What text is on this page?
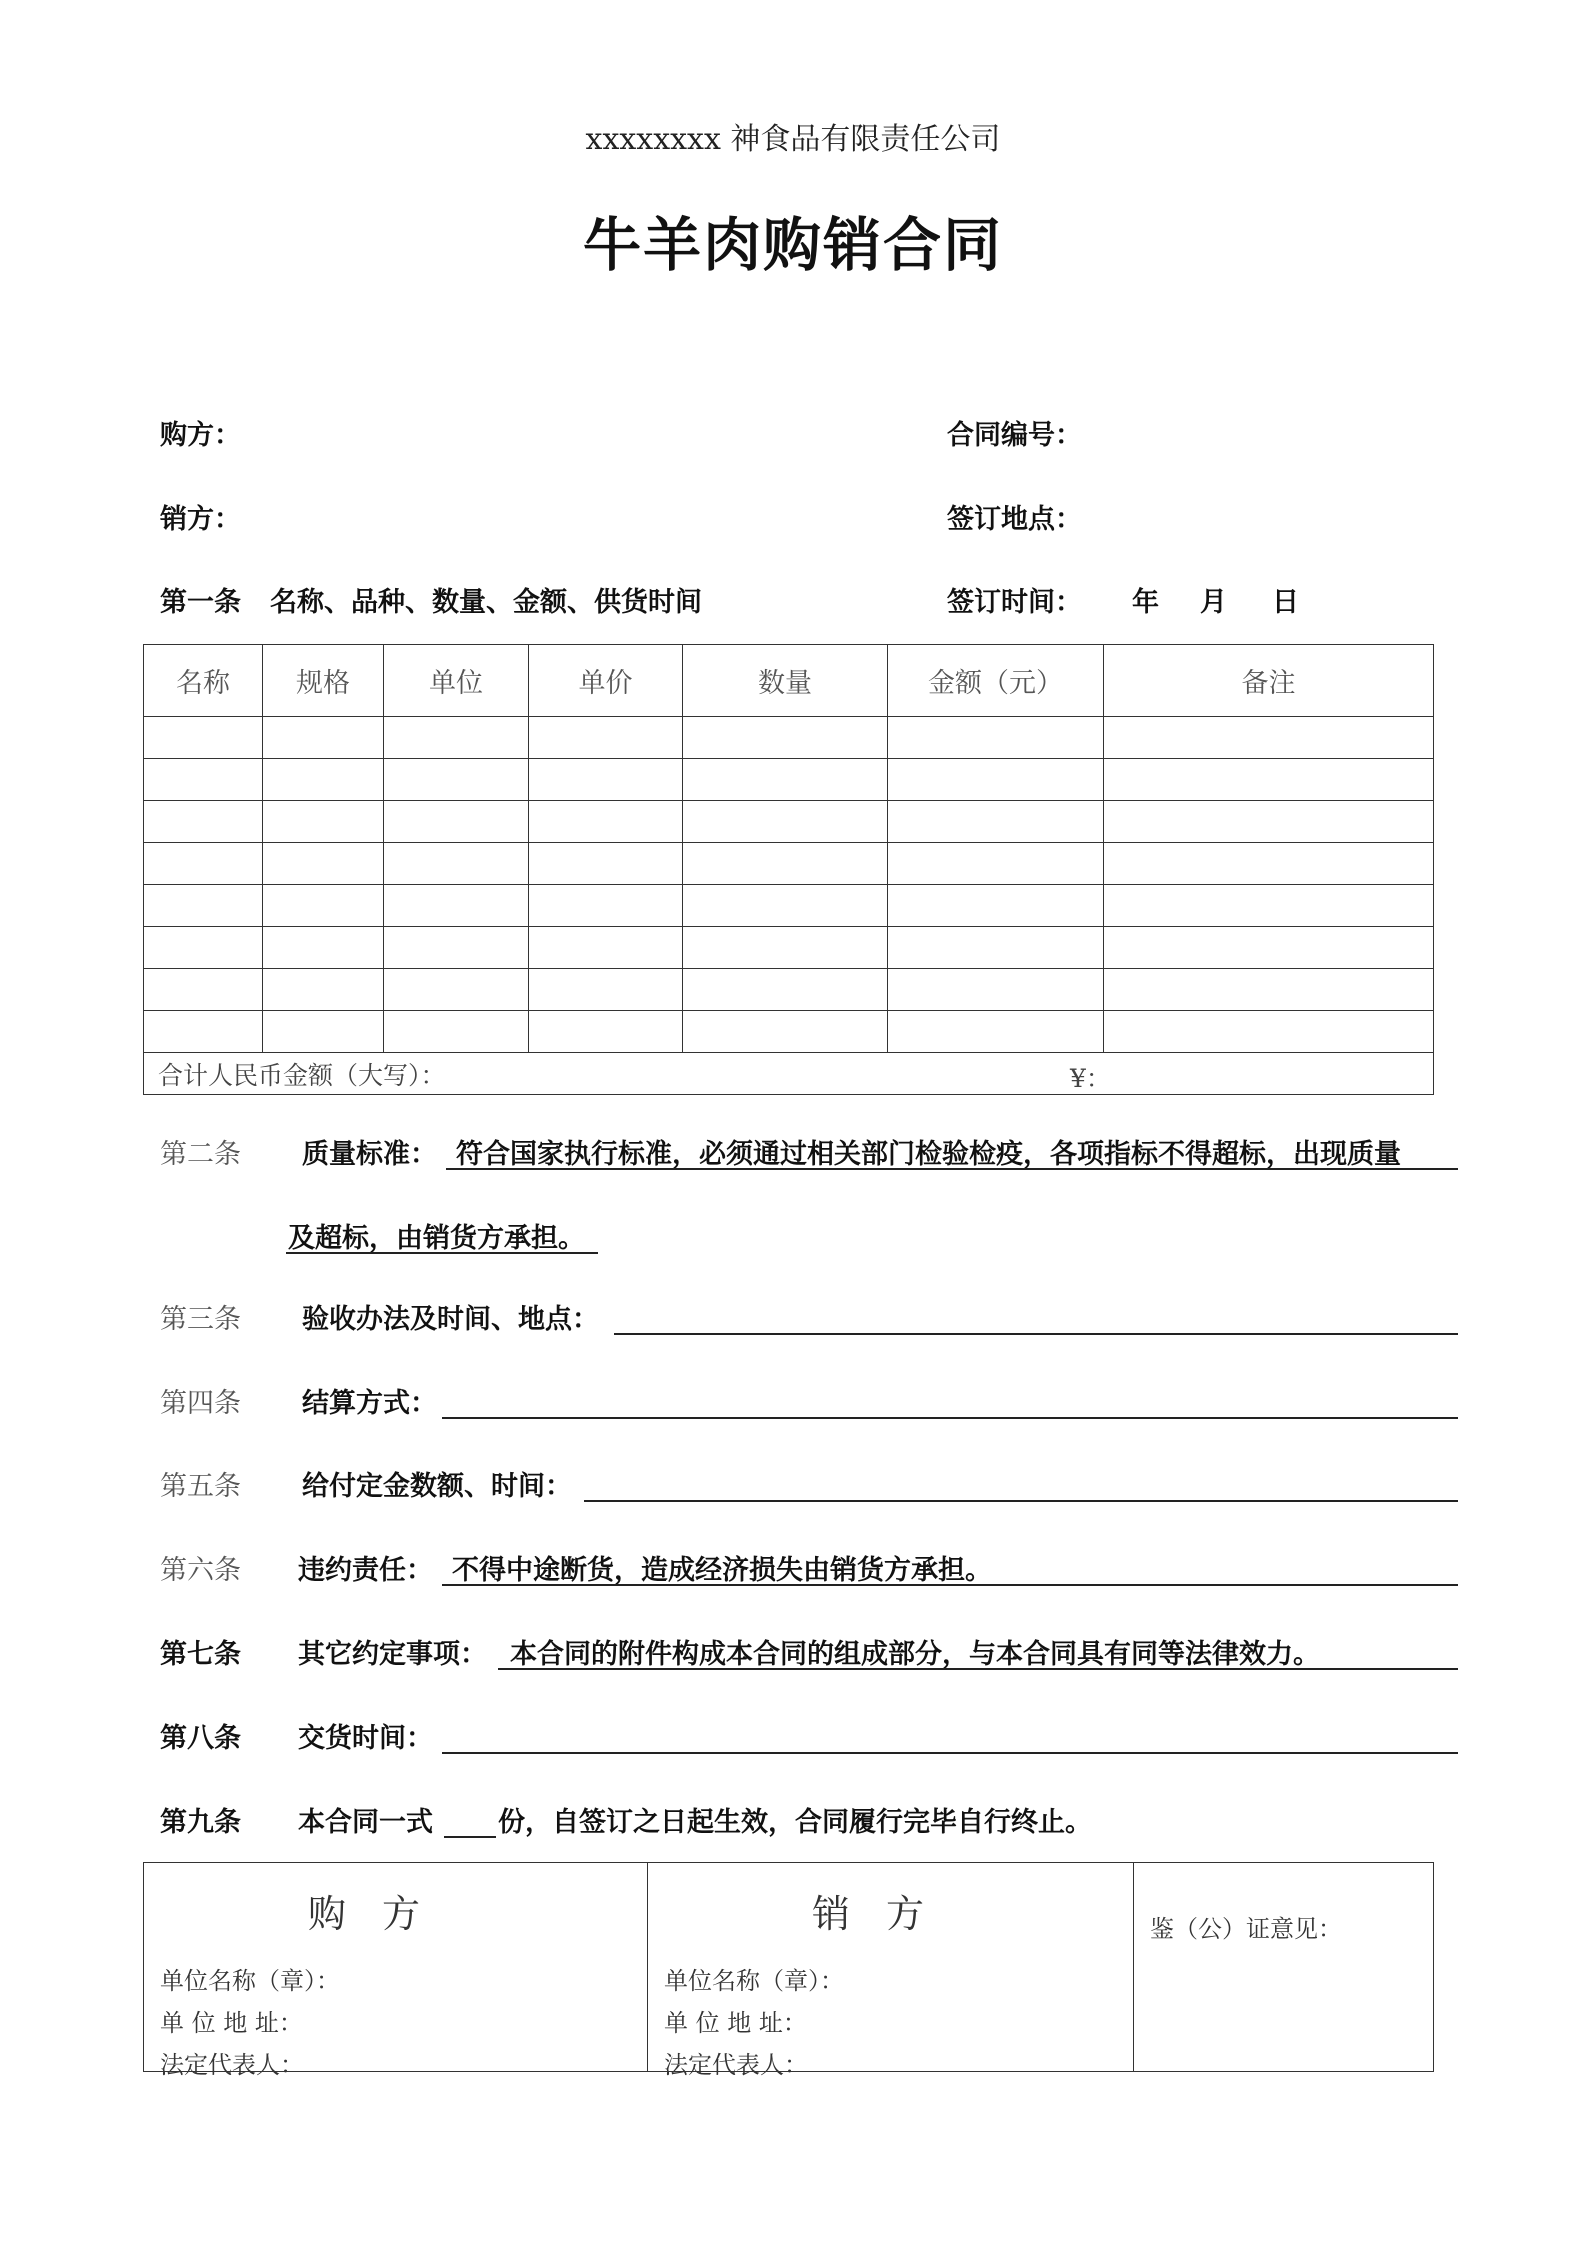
xxxxxxxx 神食品有限责任公司
牛羊肉购销合同
购方：	合同编号：
销方：	签订地点：
第一条 名称、品种、数量、金额、供货时间	签订时间： 年 月 日
名称	规格	单位	单价	数量	金额（元）	备注

合计人民币金额（大写）： ¥：						
第二条 质量标准： 符合国家执行标准，必须通过相关部门检验检疫，各项指标不得超标，出现质量
及超标，由销货方承担。
第三条 验收办法及时间、地点：
第四条 结算方式：
第五条 给付定金数额、时间：
第六条 违约责任： 不得中途断货，造成经济损失由销货方承担。
第七条 其它约定事项： 本合同的附件构成本合同的组成部分，与本合同具有同等法律效力。
第八条 交货时间：
第九条 本合同一式 份，自签订之日起生效，合同履行完毕自行终止。
购方
单位名称（章）：
单 位 地 址：
法定代表人：

销方
单位名称（章）：
单 位 地 址：
法定代表人：

鉴（公）证意见：
